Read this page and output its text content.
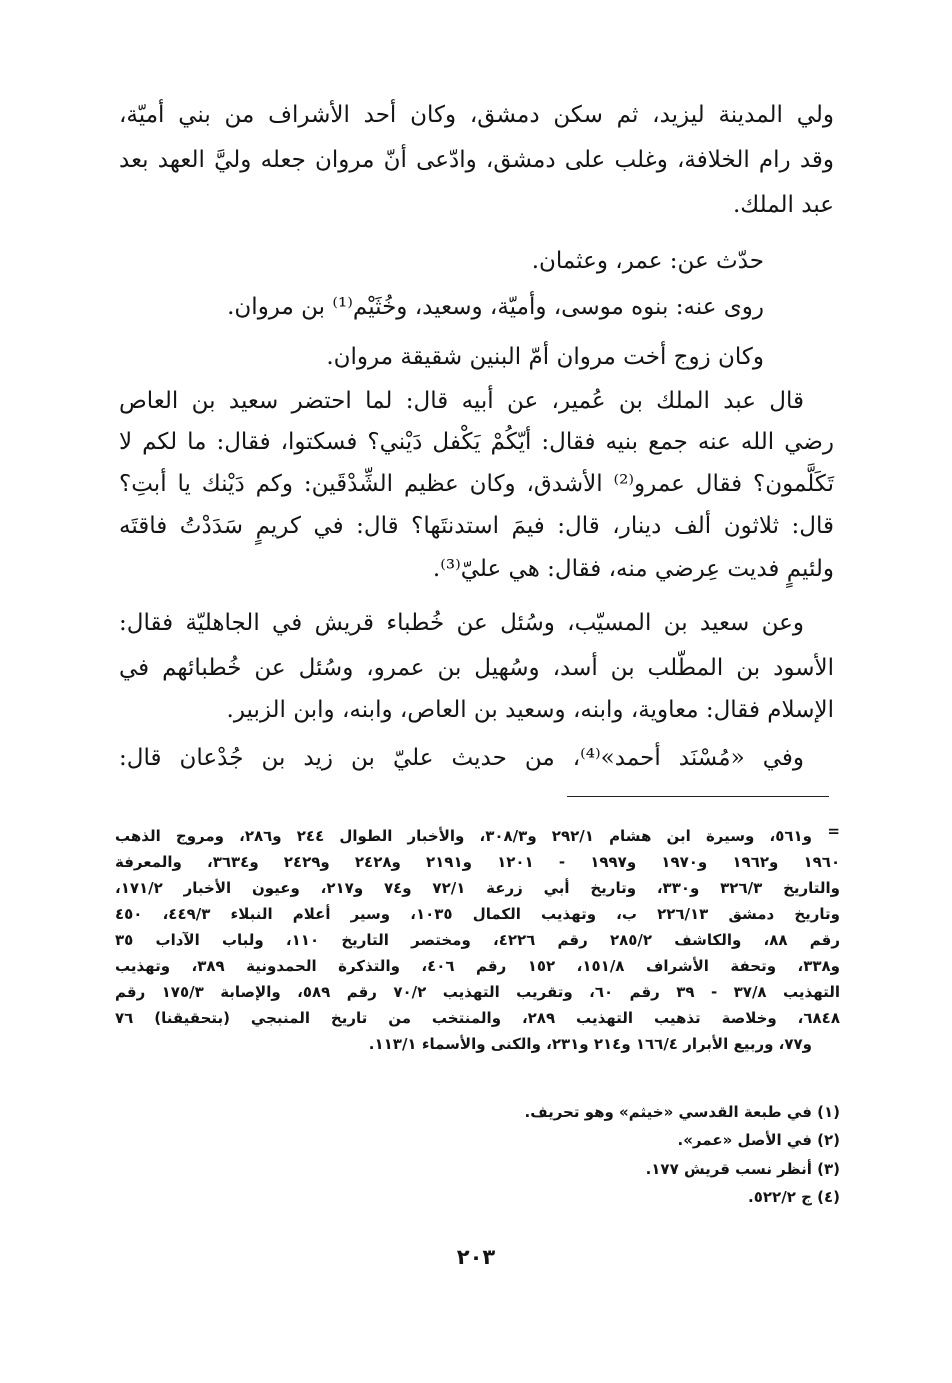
ولي المدينة ليزيد، ثم سكن دمشق، وكان أحد الأشراف من بني أميّة،
وقد رام الخلافة، وغلب على دمشق، وادّعى أنّ مروان جعله وليَّ العهد بعد
عبد الملك.
حدّث عن: عمر، وعثمان.
روى عنه: بنوه موسى، وأميّة، وسعيد، وخُثَيْم⁽¹⁾ بن مروان.
وكان زوج أخت مروان أمّ البنين شقيقة مروان.
قال عبد الملك بن عُمير، عن أبيه قال: لما احتضر سعيد بن العاص
رضي الله عنه جمع بنيه فقال: أيّكُمْ يَكْفل دَيْني؟ فسكتوا، فقال: ما لكم لا
تَكَلَّمون؟ فقال عمرو⁽²⁾ الأشدق، وكان عظيم الشِّدْقَين: وكم دَيْنك يا أبتِ؟
قال: ثلاثون ألف دينار، قال: فيمَ استدنتَها؟ قال: في كريمٍ سَدَدْتُ فاقتَه
ولئيمٍ فديت عِرضي منه، فقال: هي عليّ⁽³⁾.
وعن سعيد بن المسيّب، وسُئل عن خُطباء قريش في الجاهليّة فقال:
الأسود بن المطّلب بن أسد، وسُهيل بن عمرو، وسُئل عن خُطبائهم في
الإسلام فقال: معاوية، وابنه، وسعيد بن العاص، وابنه، وابن الزبير.
وفي «مُسْنَد أحمد»⁽⁴⁾، من حديث عليّ بن زيد بن جُدْعان قال:
=
و٥٦١، وسيرة ابن هشام ٢٩٢/١ و٣٠٨/٣، والأخبار الطوال ٢٤٤ و٢٨٦، ومروج الذهب
١٩٦٠ و١٩٦٢ و١٩٧٠ و١٩٩٧ - ١٢٠١ و٢١٩١ و٢٤٢٨ و٢٤٢٩ و٣٦٣٤، والمعرفة
والتاريخ ٣٢٦/٣ و٣٣٠، وتاريخ أبي زرعة ٧٢/١ و٧٤ و٢١٧، وعيون الأخبار ١٧١/٢،
وتاريخ دمشق ٢٢٦/١٣ ب، وتهذيب الكمال ١٠٣٥، وسير أعلام النبلاء ٤٤٩/٣، ٤٥٠
رقم ٨٨، والكاشف ٢٨٥/٢ رقم ٤٢٢٦، ومختصر التاريخ ١١٠، ولباب الآداب ٣٥
و٣٣٨، وتحفة الأشراف ١٥١/٨، ١٥٢ رقم ٤٠٦، والتذكرة الحمدونية ٣٨٩، وتهذيب
التهذيب ٣٧/٨ - ٣٩ رقم ٦٠، وتقريب التهذيب ٧٠/٢ رقم ٥٨٩، والإصابة ١٧٥/٣ رقم
٦٨٤٨، وخلاصة تذهيب التهذيب ٢٨٩، والمنتخب من تاريخ المنبجي (بتحقيقنا) ٧٦
و٧٧، وربيع الأبرار ١٦٦/٤ و٢١٤ و٢٣١، والكنى والأسماء ١١٣/١.
(١) في طبعة القدسي «خيثم» وهو تحريف.
(٢) في الأصل «عمر».
(٣) أنظر نسب قريش ١٧٧.
(٤) ج ٥٢٢/٢.
٢٠٣
